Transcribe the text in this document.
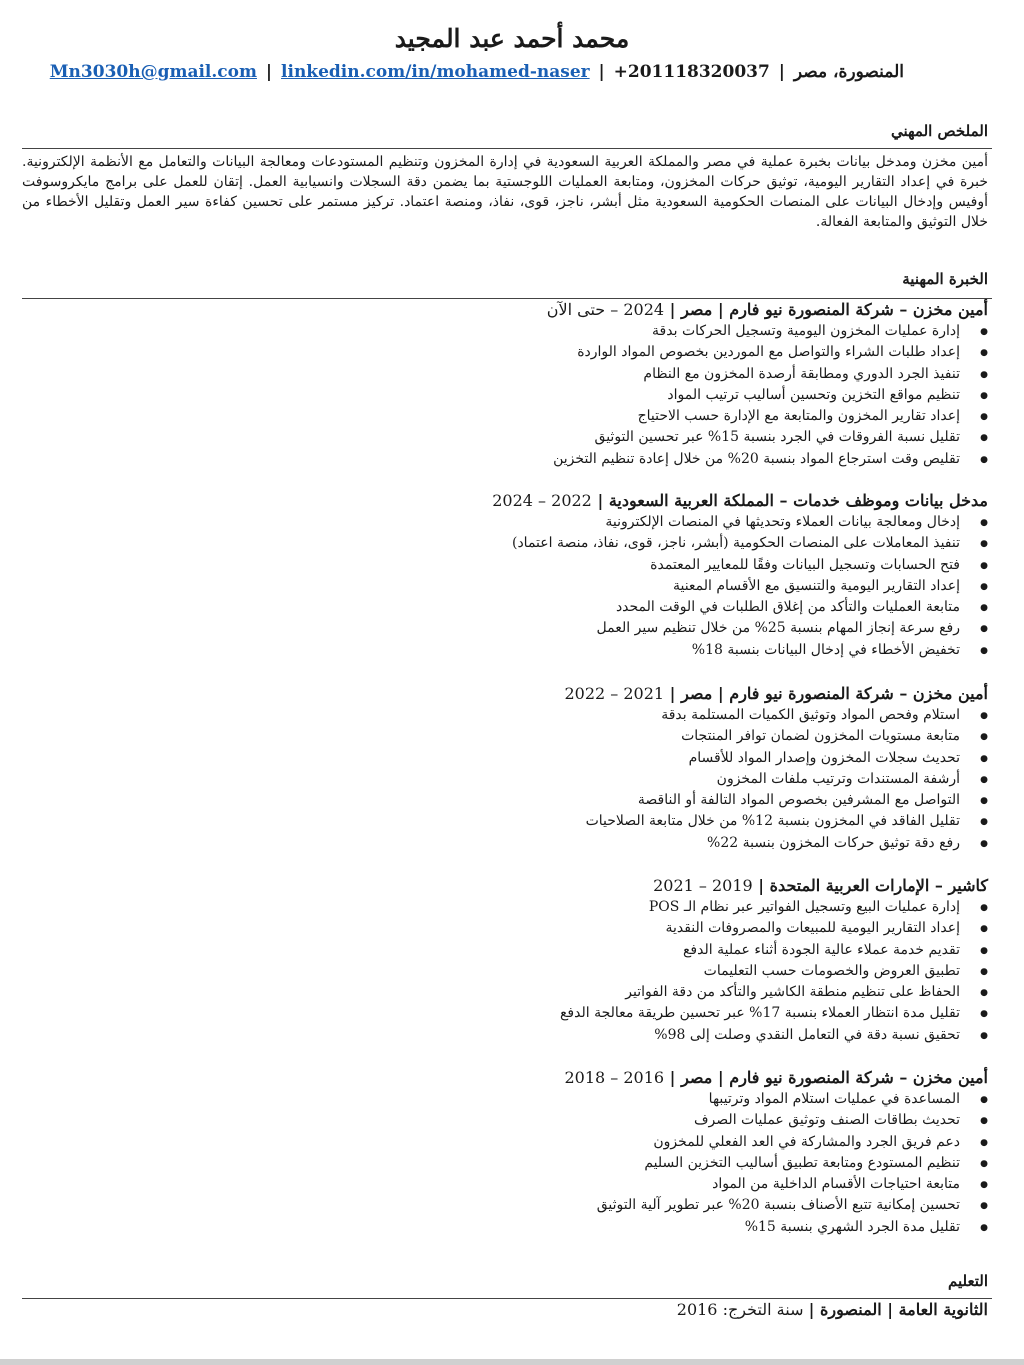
محمد أحمد عبد المجيد
المنصورة، مصر | +201118320037 | Mn3030h@gmail.com | linkedin.com/in/mohamed-naser
الملخص المهني

أمين مخزن ومدخل بيانات بخبرة عملية في مصر والمملكة العربية السعودية في إدارة المخزون وتنظيم المستودعات ومعالجة البيانات والتعامل مع الأنظمة الإلكترونية. خبرة في إعداد التقارير اليومية، توثيق حركات المخزون، ومتابعة العمليات اللوجستية بما يضمن دقة السجلات وانسيابية العمل. إتقان للعمل على برامج مايكروسوفت أوفيس وإدخال البيانات على المنصات الحكومية السعودية مثل أبشر، ناجز، قوى، نفاذ، ومنصة اعتماد. تركيز مستمر على تحسين كفاءة سير العمل وتقليل الأخطاء من خلال التوثيق والمتابعة الفعالة.

الخبرة المهنية
أمين مخزن – شركة المنصورة نيو فارم | مصر | 2024 – حتى الآن
● إدارة عمليات المخزون اليومية وتسجيل الحركات بدقة
● إعداد طلبات الشراء والتواصل مع الموردين بخصوص المواد الواردة
● تنفيذ الجرد الدوري ومطابقة أرصدة المخزون مع النظام
● تنظيم مواقع التخزين وتحسين أساليب ترتيب المواد
● إعداد تقارير المخزون والمتابعة مع الإدارة حسب الاحتياج
● تقليل نسبة الفروقات في الجرد بنسبة 15% عبر تحسين التوثيق
● تقليص وقت استرجاع المواد بنسبة 20% من خلال إعادة تنظيم التخزين
مدخل بيانات وموظف خدمات – المملكة العربية السعودية | 2022 – 2024
● إدخال ومعالجة بيانات العملاء وتحديثها في المنصات الإلكترونية
● تنفيذ المعاملات على المنصات الحكومية (أبشر، ناجز، قوى، نفاذ، منصة اعتماد)
● فتح الحسابات وتسجيل البيانات وفقًا للمعايير المعتمدة
● إعداد التقارير اليومية والتنسيق مع الأقسام المعنية
● متابعة العمليات والتأكد من إغلاق الطلبات في الوقت المحدد
● رفع سرعة إنجاز المهام بنسبة 25% من خلال تنظيم سير العمل
● تخفيض الأخطاء في إدخال البيانات بنسبة 18%
أمين مخزن – شركة المنصورة نيو فارم | مصر | 2021 – 2022
● استلام وفحص المواد وتوثيق الكميات المستلمة بدقة
● متابعة مستويات المخزون لضمان توافر المنتجات
● تحديث سجلات المخزون وإصدار المواد للأقسام
● أرشفة المستندات وترتيب ملفات المخزون
● التواصل مع المشرفين بخصوص المواد التالفة أو الناقصة
● تقليل الفاقد في المخزون بنسبة 12% من خلال متابعة الصلاحيات
● رفع دقة توثيق حركات المخزون بنسبة 22%
كاشير – الإمارات العربية المتحدة | 2019 – 2021
● إدارة عمليات البيع وتسجيل الفواتير عبر نظام الـ POS
● إعداد التقارير اليومية للمبيعات والمصروفات النقدية
● تقديم خدمة عملاء عالية الجودة أثناء عملية الدفع
● تطبيق العروض والخصومات حسب التعليمات
● الحفاظ على تنظيم منطقة الكاشير والتأكد من دقة الفواتير
● تقليل مدة انتظار العملاء بنسبة 17% عبر تحسين طريقة معالجة الدفع
● تحقيق نسبة دقة في التعامل النقدي وصلت إلى 98%
أمين مخزن – شركة المنصورة نيو فارم | مصر | 2016 – 2018
● المساعدة في عمليات استلام المواد وترتيبها
● تحديث بطاقات الصنف وتوثيق عمليات الصرف
● دعم فريق الجرد والمشاركة في العد الفعلي للمخزون
● تنظيم المستودع ومتابعة تطبيق أساليب التخزين السليم
● متابعة احتياجات الأقسام الداخلية من المواد
● تحسين إمكانية تتبع الأصناف بنسبة 20% عبر تطوير آلية التوثيق
● تقليل مدة الجرد الشهري بنسبة 15%
التعليم

الثانوية العامة | المنصورة | سنة التخرج: 2016
